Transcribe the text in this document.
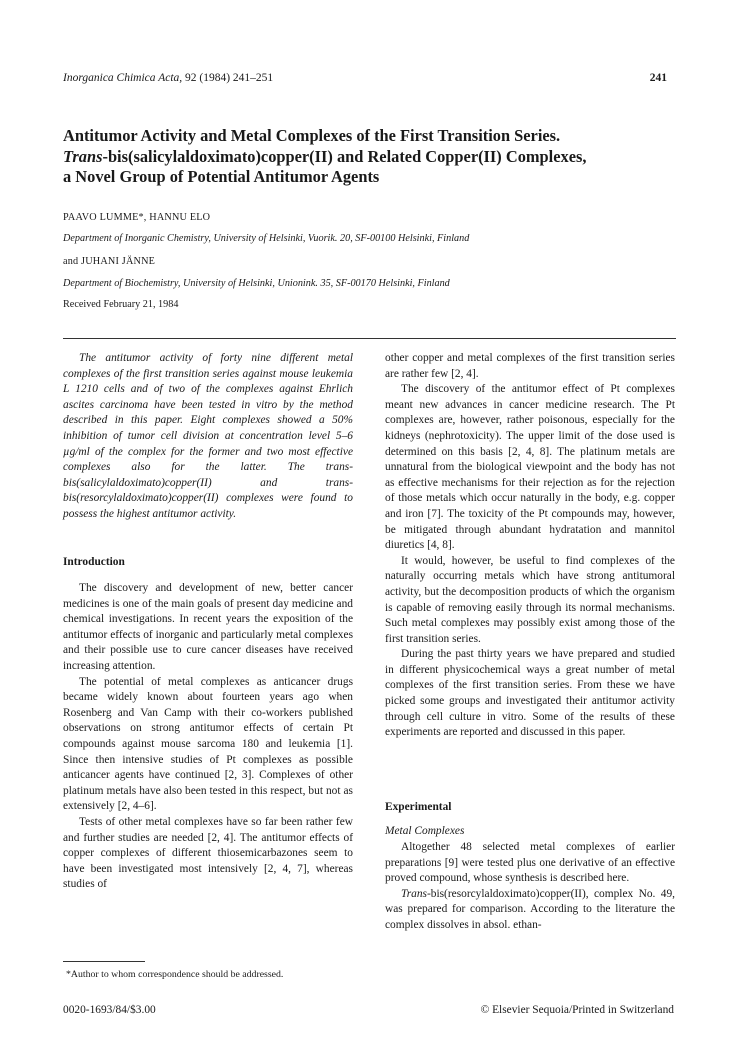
Inorganica Chimica Acta, 92 (1984) 241–251	241
Antitumor Activity and Metal Complexes of the First Transition Series.
Trans-bis(salicylaldoximato)copper(II) and Related Copper(II) Complexes,
a Novel Group of Potential Antitumor Agents
PAAVO LUMME*, HANNU ELO
Department of Inorganic Chemistry, University of Helsinki, Vuorik. 20, SF-00100 Helsinki, Finland
and JUHANI JÄNNE
Department of Biochemistry, University of Helsinki, Unionink. 35, SF-00170 Helsinki, Finland
Received February 21, 1984

The antitumor activity of forty nine different metal complexes of the first transition series against mouse leukemia L 1210 cells and of two of the complexes against Ehrlich ascites carcinoma have been tested in vitro by the method described in this paper. Eight complexes showed a 50% inhibition of tumor cell division at concentration level 5–6 µg/ml of the complex for the former and two most effective complexes also for the latter. The trans-bis(salicylaldoximato)copper(II) and trans-bis(resorcylaldoximato)copper(II) complexes were found to possess the highest antitumor activity.

Introduction

The discovery and development of new, better cancer medicines is one of the main goals of present day medicine and chemical investigations. In recent years the exposition of the antitumor effects of inorganic and particularly metal complexes and their possible use to cure cancer diseases have received increasing attention.

The potential of metal complexes as anticancer drugs became widely known about fourteen years ago when Rosenberg and Van Camp with their co-workers published observations on strong antitumor effects of certain Pt compounds against mouse sarcoma 180 and leukemia [1]. Since then intensive studies of Pt complexes as possible anticancer agents have continued [2, 3]. Complexes of other platinum metals have also been tested in this respect, but not as extensively [2, 4–6].

Tests of other metal complexes have so far been rather few and further studies are needed [2, 4]. The antitumor effects of copper complexes of different thiosemicarbazones seem to have been investigated most intensively [2, 4, 7], whereas studies of

other copper and metal complexes of the first transition series are rather few [2, 4].

The discovery of the antitumor effect of Pt complexes meant new advances in cancer medicine research. The Pt complexes are, however, rather poisonous, especially for the kidneys (nephrotoxicity). The upper limit of the dose used is determined on this basis [2, 4, 8]. The platinum metals are unnatural from the biological viewpoint and the body has not as effective mechanisms for their rejection as for the rejection of those metals which occur naturally in the body, e.g. copper and iron [7]. The toxicity of the Pt compounds may, however, be mitigated through abundant hydratation and mannitol diuretics [4, 8].

It would, however, be useful to find complexes of the naturally occurring metals which have strong antitumoral activity, but the decomposition products of which the organism is capable of removing easily through its normal mechanisms. Such metal complexes may possibly exist among those of the first transition series.

During the past thirty years we have prepared and studied in different physicochemical ways a great number of metal complexes of the first transition series. From these we have picked some groups and investigated their antitumor activity through cell culture in vitro. Some of the results of these experiments are reported and discussed in this paper.

Experimental
Metal Complexes

Altogether 48 selected metal complexes of earlier preparations [9] were tested plus one derivative of an effective proved compound, whose synthesis is described here.

Trans-bis(resorcylaldoximato)copper(II), complex No. 49, was prepared for comparison. According to the literature the complex dissolves in absol. ethan-

*Author to whom correspondence should be addressed.
0020-1693/84/$3.00	© Elsevier Sequoia/Printed in Switzerland
